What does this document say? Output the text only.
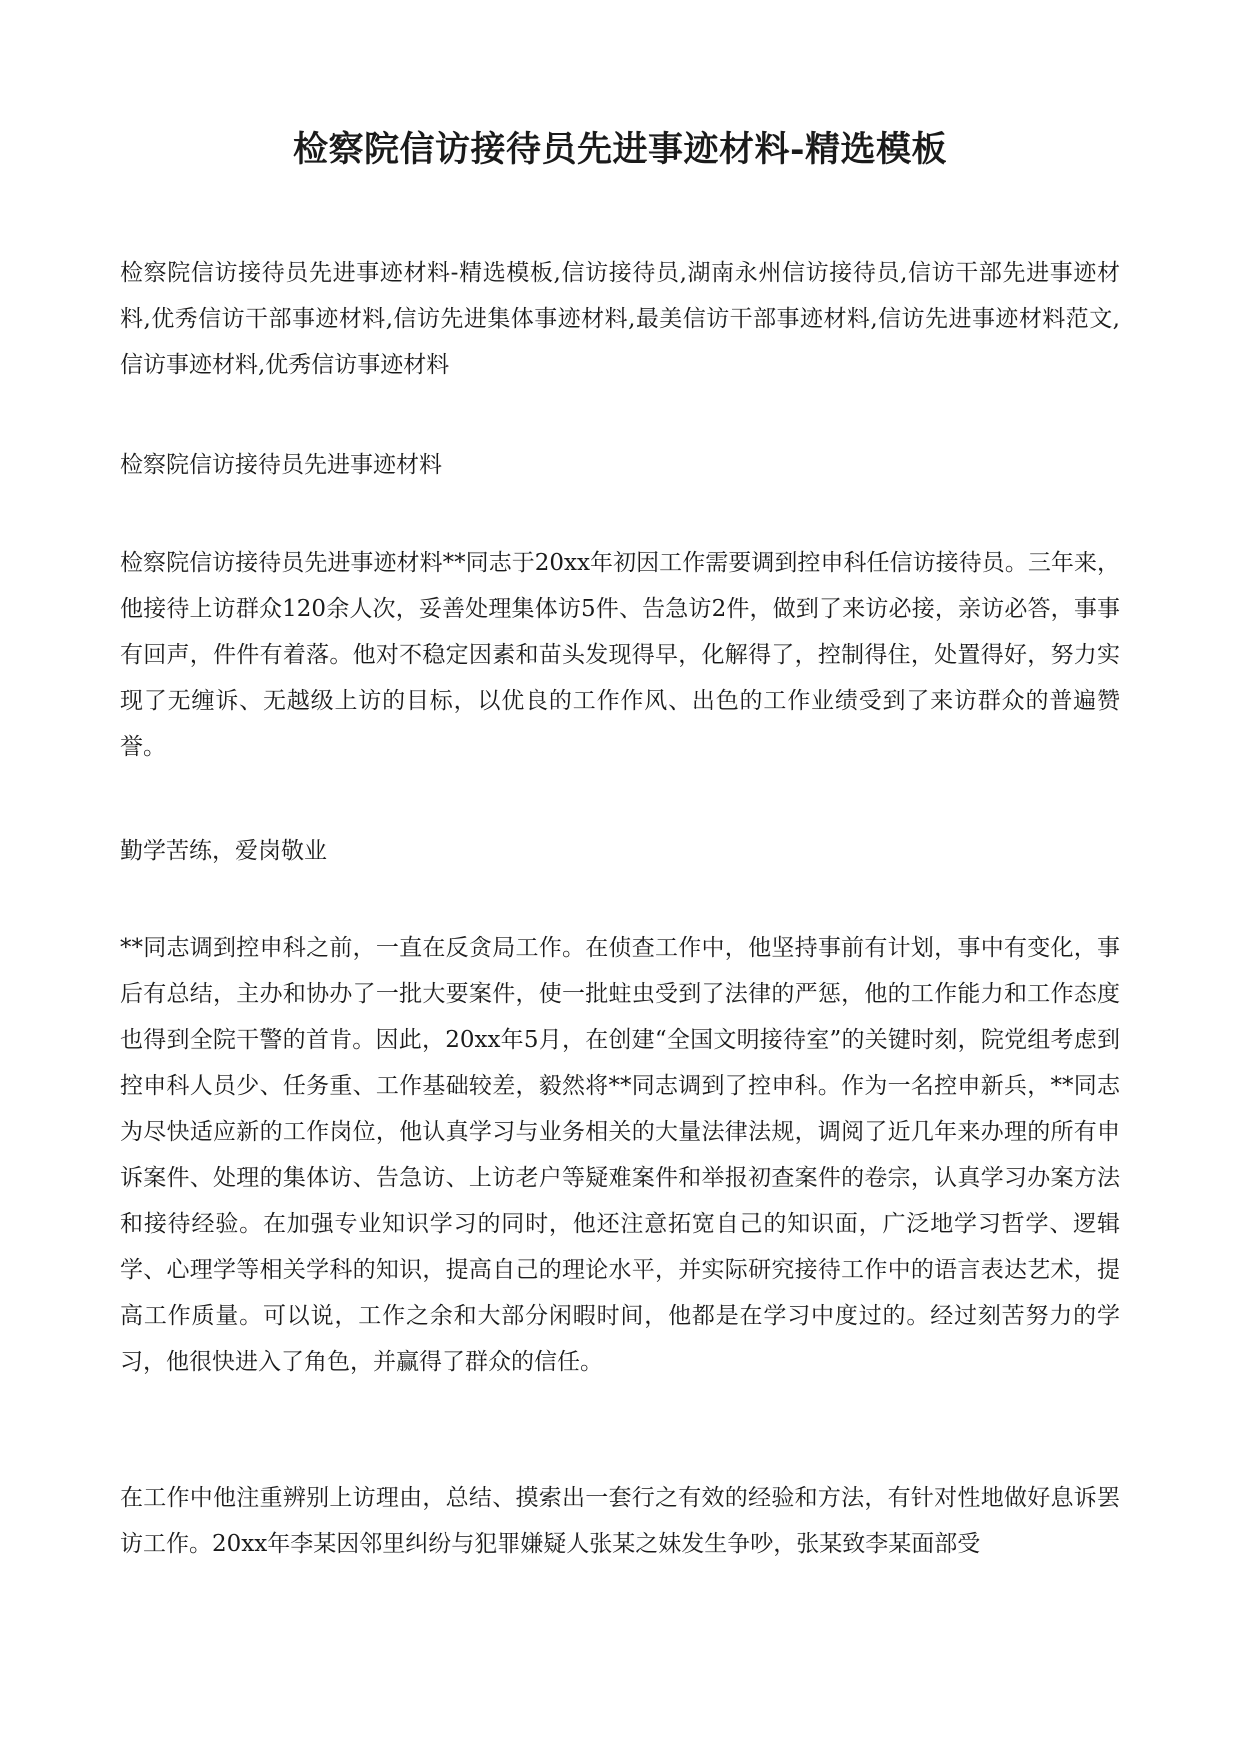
检察院信访接待员先进事迹材料-精选模板

检察院信访接待员先进事迹材料-精选模板,信访接待员,湖南永州信访接待员,信访干部先进事迹材料,优秀信访干部事迹材料,信访先进集体事迹材料,最美信访干部事迹材料,信访先进事迹材料范文,信访事迹材料,优秀信访事迹材料

检察院信访接待员先进事迹材料

检察院信访接待员先进事迹材料**同志于20xx年初因工作需要调到控申科任信访接待员。三年来，他接待上访群众120余人次，妥善处理集体访5件、告急访2件，做到了来访必接，亲访必答，事事有回声，件件有着落。他对不稳定因素和苗头发现得早，化解得了，控制得住，处置得好，努力实现了无缠诉、无越级上访的目标，以优良的工作作风、出色的工作业绩受到了来访群众的普遍赞誉。

勤学苦练，爱岗敬业

**同志调到控申科之前，一直在反贪局工作。在侦查工作中，他坚持事前有计划，事中有变化，事后有总结，主办和协办了一批大要案件，使一批蛀虫受到了法律的严惩，他的工作能力和工作态度也得到全院干警的首肯。因此，20xx年5月，在创建“全国文明接待室”的关键时刻，院党组考虑到控申科人员少、任务重、工作基础较差，毅然将**同志调到了控申科。作为一名控申新兵，**同志为尽快适应新的工作岗位，他认真学习与业务相关的大量法律法规，调阅了近几年来办理的所有申诉案件、处理的集体访、告急访、上访老户等疑难案件和举报初查案件的卷宗，认真学习办案方法和接待经验。在加强专业知识学习的同时，他还注意拓宽自己的知识面，广泛地学习哲学、逻辑学、心理学等相关学科的知识，提高自己的理论水平，并实际研究接待工作中的语言表达艺术，提高工作质量。可以说，工作之余和大部分闲暇时间，他都是在学习中度过的。经过刻苦努力的学习，他很快进入了角色，并赢得了群众的信任。

在工作中他注重辨别上访理由，总结、摸索出一套行之有效的经验和方法，有针对性地做好息诉罢访工作。20xx年李某因邻里纠纷与犯罪嫌疑人张某之妹发生争吵，张某致李某面部受
